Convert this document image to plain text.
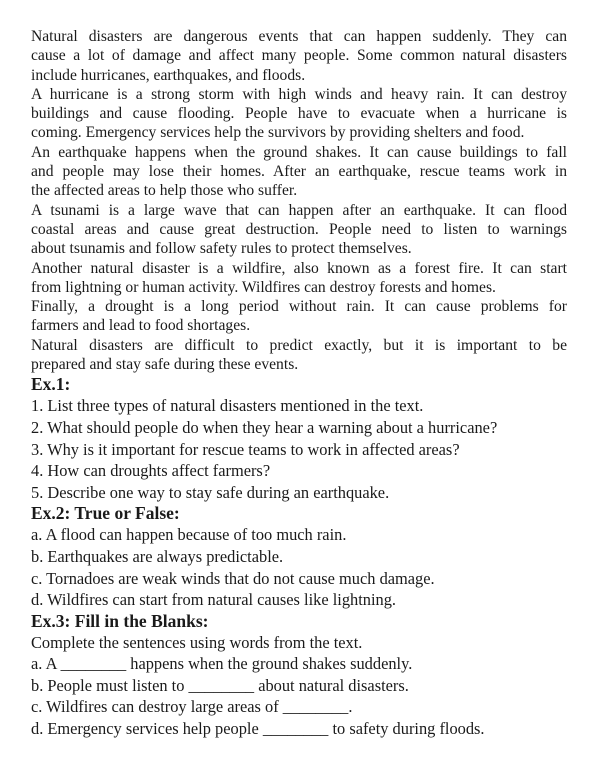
Natural disasters are dangerous events that can happen suddenly. They can
cause a lot of damage and affect many people. Some common natural disasters
include hurricanes, earthquakes, and floods.

A hurricane is a strong storm with high winds and heavy rain. It can destroy
buildings and cause flooding. People have to evacuate when a hurricane is
coming. Emergency services help the survivors by providing shelters and food.

An earthquake happens when the ground shakes. It can cause buildings to fall
and people may lose their homes. After an earthquake, rescue teams work in
the affected areas to help those who suffer.

A tsunami is a large wave that can happen after an earthquake. It can flood
coastal areas and cause great destruction. People need to listen to warnings
about tsunamis and follow safety rules to protect themselves.

Another natural disaster is a wildfire, also known as a forest fire. It can start
from lightning or human activity. Wildfires can destroy forests and homes.

Finally, a drought is a long period without rain. It can cause problems for
farmers and lead to food shortages.

Natural disasters are difficult to predict exactly, but it is important to be
prepared and stay safe during these events.

Ex.1:

1. List three types of natural disasters mentioned in the text.

2. What should people do when they hear a warning about a hurricane?

3. Why is it important for rescue teams to work in affected areas?

4. How can droughts affect farmers?

5. Describe one way to stay safe during an earthquake.

Ex.2: True or False:

a. A flood can happen because of too much rain.

b. Earthquakes are always predictable.

c. Tornadoes are weak winds that do not cause much damage.

d. Wildfires can start from natural causes like lightning.

Ex.3: Fill in the Blanks:

Complete the sentences using words from the text.

a. A ________ happens when the ground shakes suddenly.

b. People must listen to ________ about natural disasters.

c. Wildfires can destroy large areas of ________.

d. Emergency services help people ________ to safety during floods.
